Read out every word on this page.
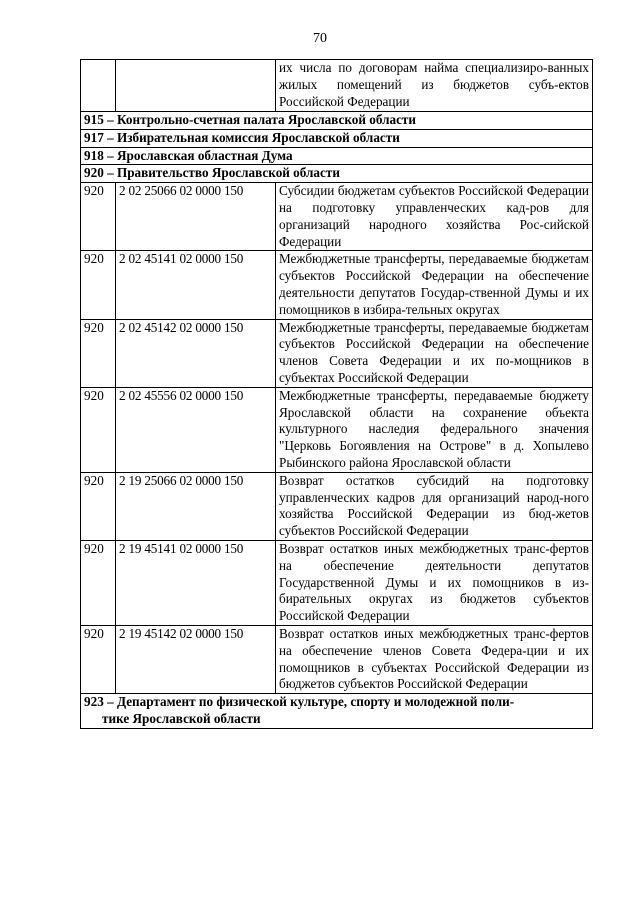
70
		их числа по договорам найма специализиро-ванных жилых помещений из бюджетов субъ-ектов Российской Федерации
915 – Контрольно-счетная палата Ярославской области		
917 – Избирательная комиссия Ярославской области		
918 – Ярославская областная Дума		
920 – Правительство Ярославской области		
920	2 02 25066 02 0000 150	Субсидии бюджетам субъектов Российской Федерации на подготовку управленческих кад-ров для организаций народного хозяйства Рос-сийской Федерации
920	2 02 45141 02 0000 150	Межбюджетные трансферты, передаваемые бюджетам субъектов Российской Федерации на обеспечение деятельности депутатов Государ-ственной Думы и их помощников в избира-тельных округах
920	2 02 45142 02 0000 150	Межбюджетные трансферты, передаваемые бюджетам субъектов Российской Федерации на обеспечение членов Совета Федерации и их по-мощников в субъектах Российской Федерации
920	2 02 45556 02 0000 150	Межбюджетные трансферты, передаваемые бюджету Ярославской области на сохранение объекта культурного наследия федерального значения "Церковь Богоявления на Острове" в д. Хопылево Рыбинского района Ярославской области
920	2 19 25066 02 0000 150	Возврат остатков субсидий на подготовку управленческих кадров для организаций народ-ного хозяйства Российской Федерации из бюд-жетов субъектов Российской Федерации
920	2 19 45141 02 0000 150	Возврат остатков иных межбюджетных транс-фертов на обеспечение деятельности депутатов Государственной Думы и их помощников в из-бирательных округах из бюджетов субъектов Российской Федерации
920	2 19 45142 02 0000 150	Возврат остатков иных межбюджетных транс-фертов на обеспечение членов Совета Федера-ции и их помощников в субъектах Российской Федерации из бюджетов субъектов Российской Федерации

923 – Департамент по физической культуре, спорту и молодежной поли-
тике Ярославской области		
